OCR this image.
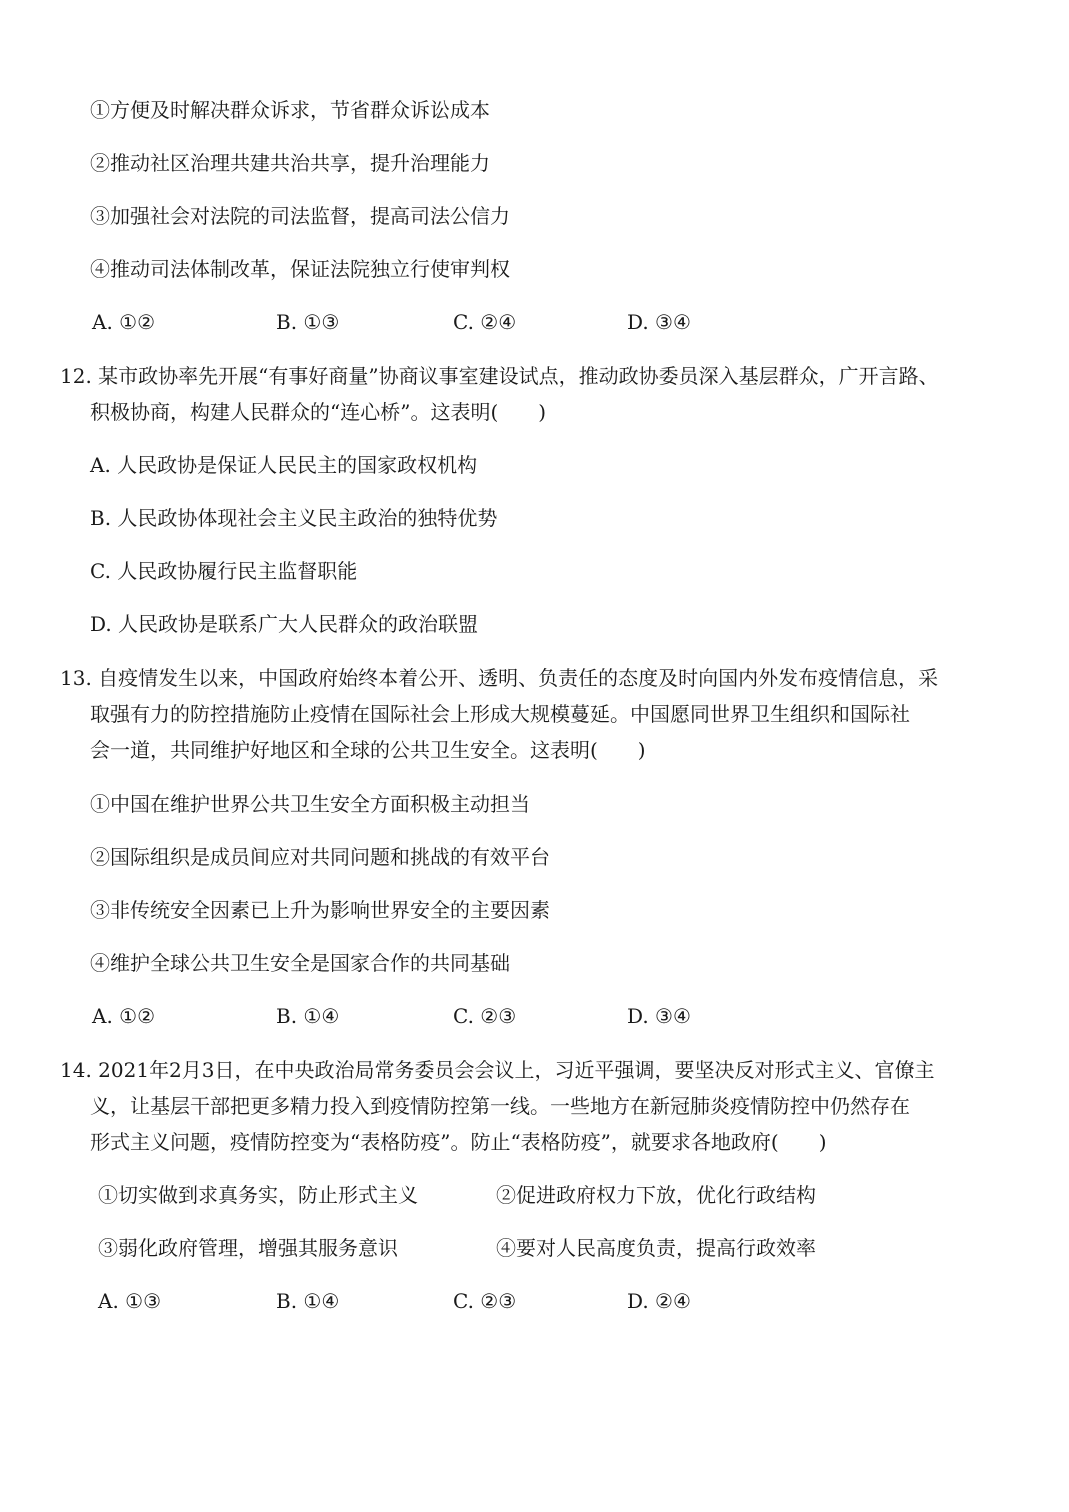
①方便及时解决群众诉求，节省群众诉讼成本
②推动社区治理共建共治共享，提升治理能力
③加强社会对法院的司法监督，提高司法公信力
④推动司法体制改革，保证法院独立行使审判权
A. ①②	B. ①③	C. ②④	D. ③④
12. 某市政协率先开展“有事好商量”协商议事室建设试点，推动政协委员深入基层群众，广开言路、
积极协商，构建人民群众的“连心桥”。这表明(　　)
A. 人民政协是保证人民民主的国家政权机构
B. 人民政协体现社会主义民主政治的独特优势
C. 人民政协履行民主监督职能
D. 人民政协是联系广大人民群众的政治联盟
13. 自疫情发生以来，中国政府始终本着公开、透明、负责任的态度及时向国内外发布疫情信息，采
取强有力的防控措施防止疫情在国际社会上形成大规模蔓延。中国愿同世界卫生组织和国际社
会一道，共同维护好地区和全球的公共卫生安全。这表明(　　)
①中国在维护世界公共卫生安全方面积极主动担当
②国际组织是成员间应对共同问题和挑战的有效平台
③非传统安全因素已上升为影响世界安全的主要因素
④维护全球公共卫生安全是国家合作的共同基础
A. ①②	B. ①④	C. ②③	D. ③④
14. 2021年2月3日，在中央政治局常务委员会会议上，习近平强调，要坚决反对形式主义、官僚主
义，让基层干部把更多精力投入到疫情防控第一线。一些地方在新冠肺炎疫情防控中仍然存在
形式主义问题，疫情防控变为“表格防疫”。防止“表格防疫”，就要求各地政府(　　)
①切实做到求真务实，防止形式主义	②促进政府权力下放，优化行政结构
③弱化政府管理，增强其服务意识	④要对人民高度负责，提高行政效率
A. ①③	B. ①④	C. ②③	D. ②④
